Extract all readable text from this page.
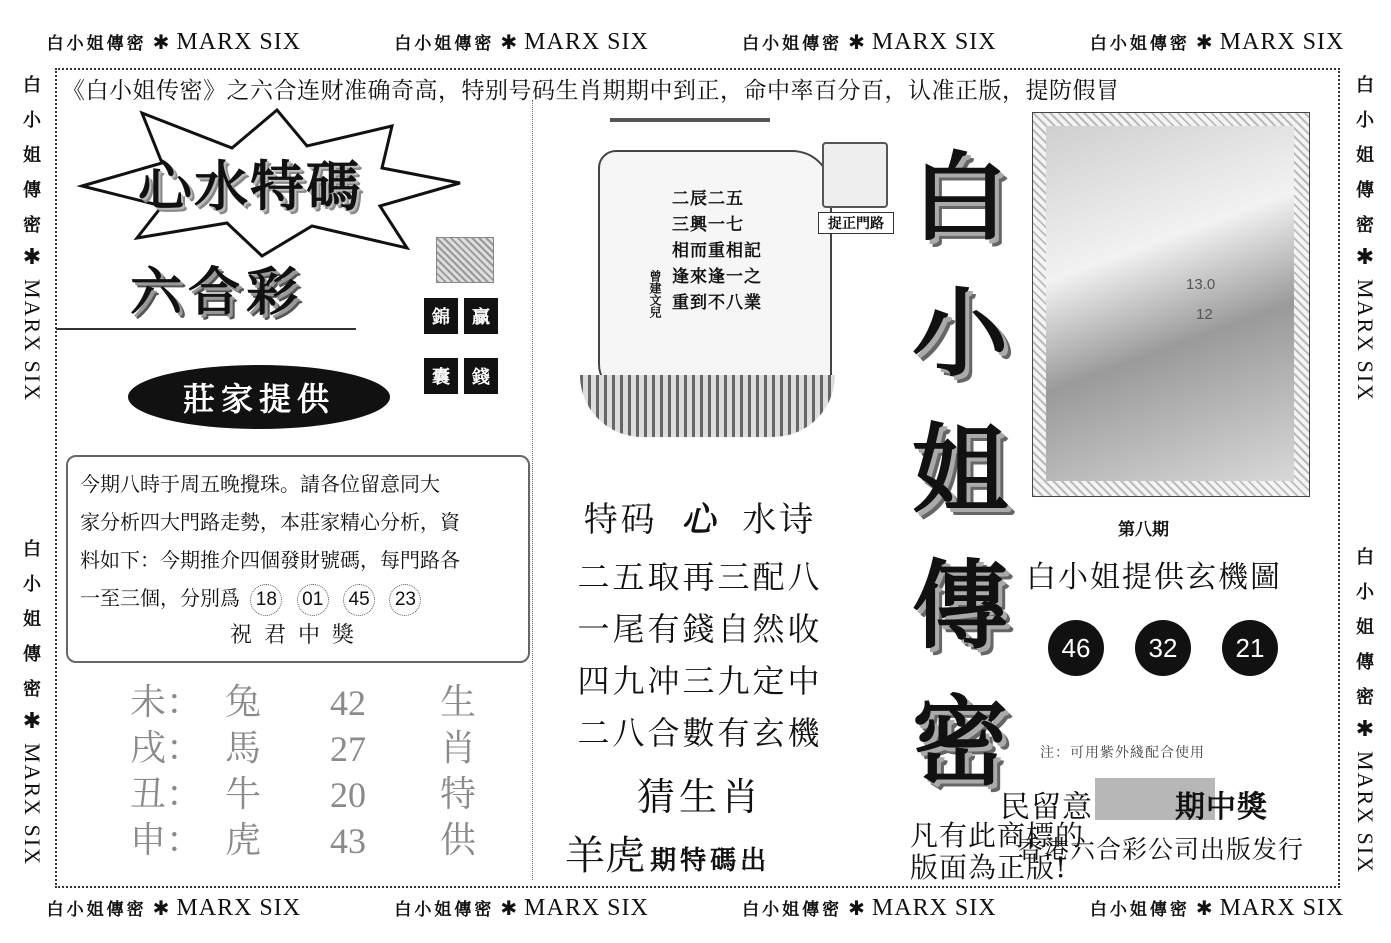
白小姐傳密 ✱ MARX SIX	白小姐傳密 ✱ MARX SIX	白小姐傳密 ✱ MARX SIX	白小姐傳密 ✱ MARX SIX
白小姐傳密 ✱ MARX SIX	白小姐傳密 ✱ MARX SIX	白小姐傳密 ✱ MARX SIX	白小姐傳密 ✱ MARX SIX
白
小
姐
傳
密
✱
MARX SIX
白
小
姐
傳
密
✱
MARX SIX
白
小
姐
傳
密
✱
MARX SIX
白
小
姐
傳
密
✱
MARX SIX
《白小姐传密》之六合连财准确奇高，特别号码生肖期期中到正，命中率百分百，认准正版，提防假冒
心水特碼
六合彩	錦	贏
囊	錢
莊家提供
今期八時于周五晚攪珠。請各位留意同大
家分析四大門路走勢，本莊家精心分析，資
料如下：今期推介四個發財號碼，每門路各
一至三個，分別爲 18 01 45 23
祝君中獎
未： 兔 42 生
戌： 馬 27 肖
丑： 牛 20 特
申： 虎 43 供
二辰二五
三興一七
相而重相記
逢來逢一之
重到不八業
曾建文兒
捉正門路
特码 心 水诗
二五取再三配八
一尾有錢自然收
四九冲三九定中
二八合數有玄機
猜生肖
羊虎 期特碼出
白
小
姐
傳
密
13.0
12
第八期
白小姐提供玄機圖
46	32	21
注：可用紫外綫配合使用
民留意	期中獎
凡有此商標的
香港六合彩公司出版发行
版面為正版!
